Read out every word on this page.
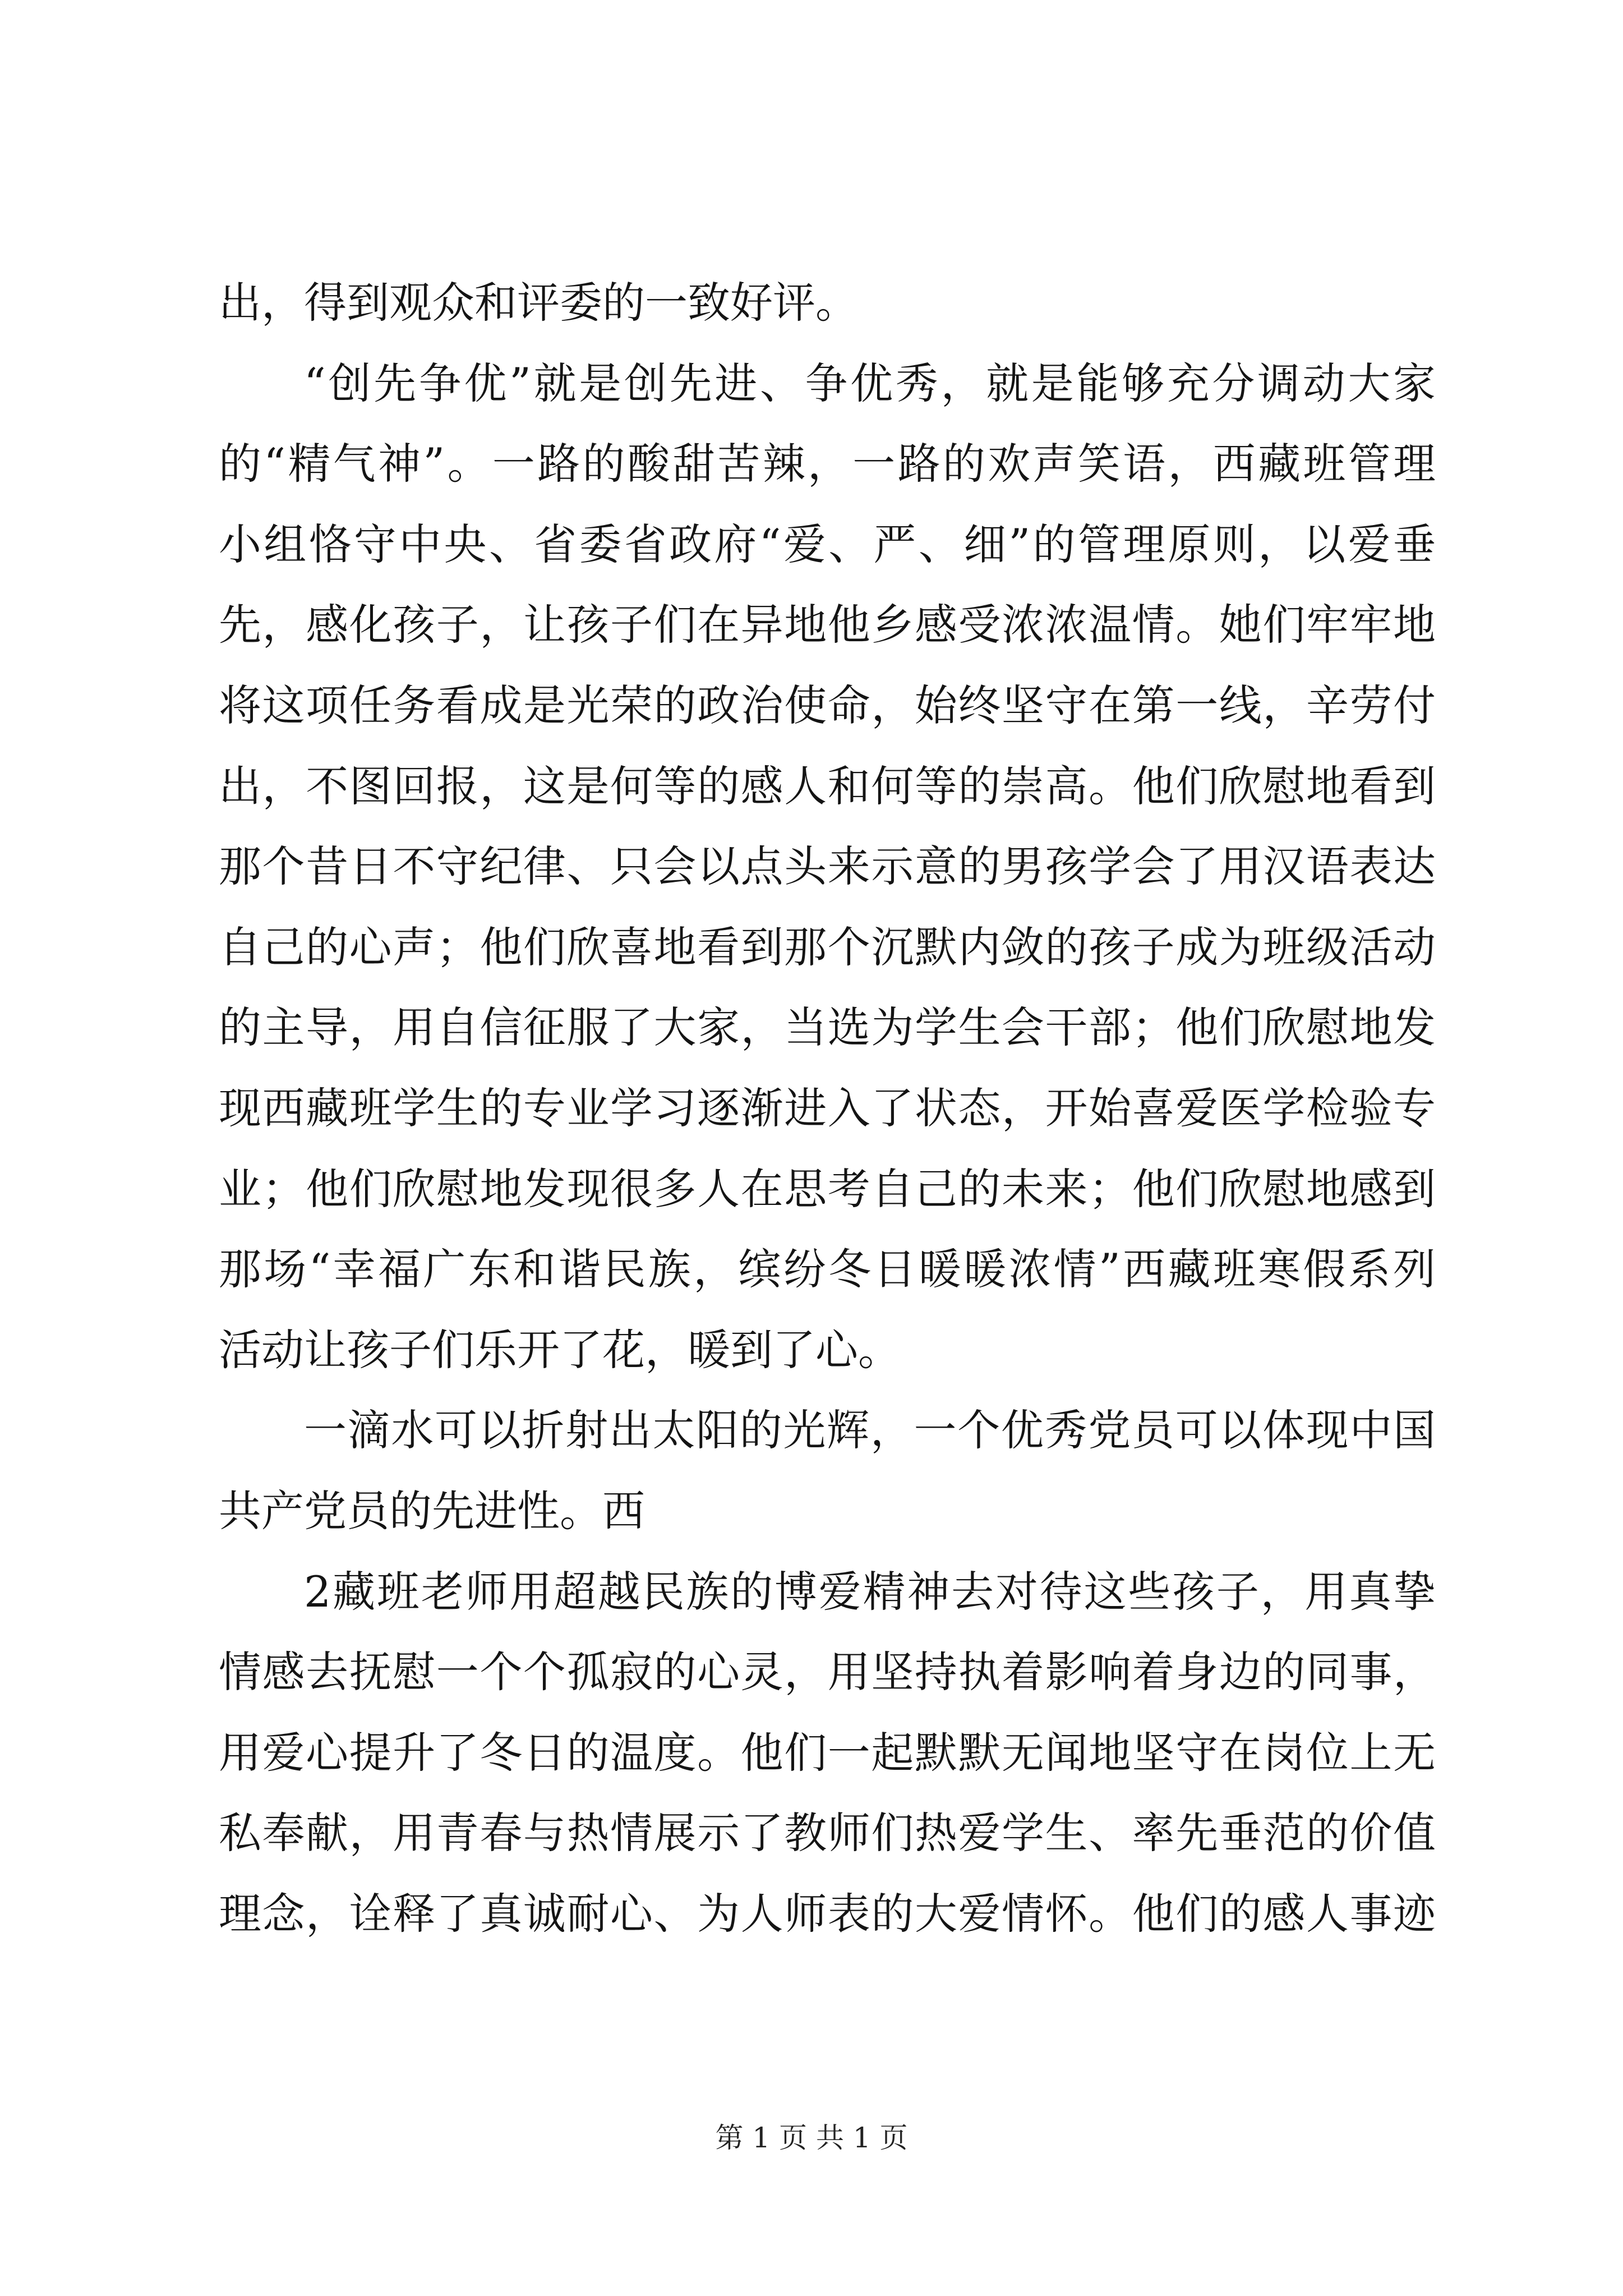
出，得到观众和评委的一致好评。
“创先争优”就是创先进、争优秀，就是能够充分调动大家
的“精气神”。一路的酸甜苦辣，一路的欢声笑语，西藏班管理
小组恪守中央、省委省政府“爱、严、细”的管理原则，以爱垂
先，感化孩子，让孩子们在异地他乡感受浓浓温情。她们牢牢地
将这项任务看成是光荣的政治使命，始终坚守在第一线，辛劳付
出，不图回报，这是何等的感人和何等的崇高。他们欣慰地看到
那个昔日不守纪律、只会以点头来示意的男孩学会了用汉语表达
自己的心声；他们欣喜地看到那个沉默内敛的孩子成为班级活动
的主导，用自信征服了大家，当选为学生会干部；他们欣慰地发
现西藏班学生的专业学习逐渐进入了状态，开始喜爱医学检验专
业；他们欣慰地发现很多人在思考自己的未来；他们欣慰地感到
那场“幸福广东和谐民族，缤纷冬日暖暖浓情”西藏班寒假系列
活动让孩子们乐开了花，暖到了心。
一滴水可以折射出太阳的光辉，一个优秀党员可以体现中国
共产党员的先进性。西
2藏班老师用超越民族的博爱精神去对待这些孩子，用真挚
情感去抚慰一个个孤寂的心灵，用坚持执着影响着身边的同事，
用爱心提升了冬日的温度。他们一起默默无闻地坚守在岗位上无
私奉献，用青春与热情展示了教师们热爱学生、率先垂范的价值
理念，诠释了真诚耐心、为人师表的大爱情怀。他们的感人事迹
第 1 页 共 1 页
